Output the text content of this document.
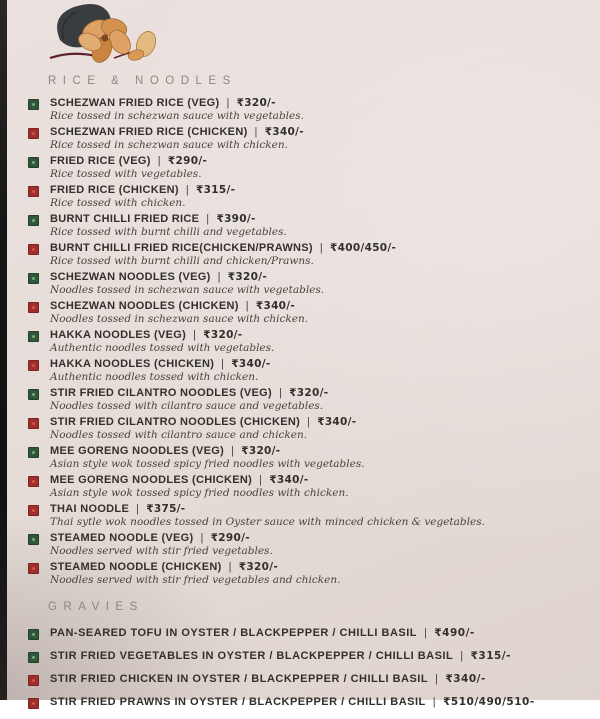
RICE & NOODLES
SCHEZWAN FRIED RICE (VEG) | ₹320/-
Rice tossed in schezwan sauce with vegetables.
SCHEZWAN FRIED RICE (CHICKEN) | ₹340/-
Rice tossed in schezwan sauce with chicken.
FRIED RICE (VEG) | ₹290/-
Rice tossed with vegetables.
FRIED RICE (CHICKEN) | ₹315/-
Rice tossed with chicken.
BURNT CHILLI FRIED RICE | ₹390/-
Rice tossed with burnt chilli and vegetables.
BURNT CHILLI FRIED RICE(CHICKEN/PRAWNS) | ₹400/450/-
Rice tossed with burnt chilli and chicken/Prawns.
SCHEZWAN NOODLES (VEG) | ₹320/-
Noodles tossed in schezwan sauce with vegetables.
SCHEZWAN NOODLES (CHICKEN) | ₹340/-
Noodles tossed in schezwan sauce with chicken.
HAKKA NOODLES (VEG) | ₹320/-
Authentic noodles tossed with vegetables.
HAKKA NOODLES (CHICKEN) | ₹340/-
Authentic noodles tossed with chicken.
STIR FRIED CILANTRO NOODLES (VEG) | ₹320/-
Noodles tossed with cilantro sauce and vegetables.
STIR FRIED CILANTRO NOODLES (CHICKEN) | ₹340/-
Noodles tossed with cilantro sauce and chicken.
MEE GORENG NOODLES (VEG) | ₹320/-
Asian style wok tossed spicy fried noodles with vegetables.
MEE GORENG NOODLES (CHICKEN) | ₹340/-
Asian style wok tossed spicy fried noodles with chicken.
THAI NOODLE | ₹375/-
Thai sytle wok noodles tossed in Oyster sauce with minced chicken & vegetables.
STEAMED NOODLE (VEG) | ₹290/-
Noodles served with stir fried vegetables.
STEAMED NOODLE (CHICKEN) | ₹320/-
Noodles served with stir fried vegetables and chicken.
GRAVIES
PAN-SEARED TOFU IN OYSTER / BLACKPEPPER / CHILLI BASIL | ₹490/-
STIR FRIED VEGETABLES IN OYSTER / BLACKPEPPER / CHILLI BASIL | ₹315/-
STIR FRIED CHICKEN IN OYSTER / BLACKPEPPER / CHILLI BASIL | ₹340/-
STIR FRIED PRAWNS IN OYSTER / BLACKPEPPER / CHILLI BASIL | ₹510/490/510-
